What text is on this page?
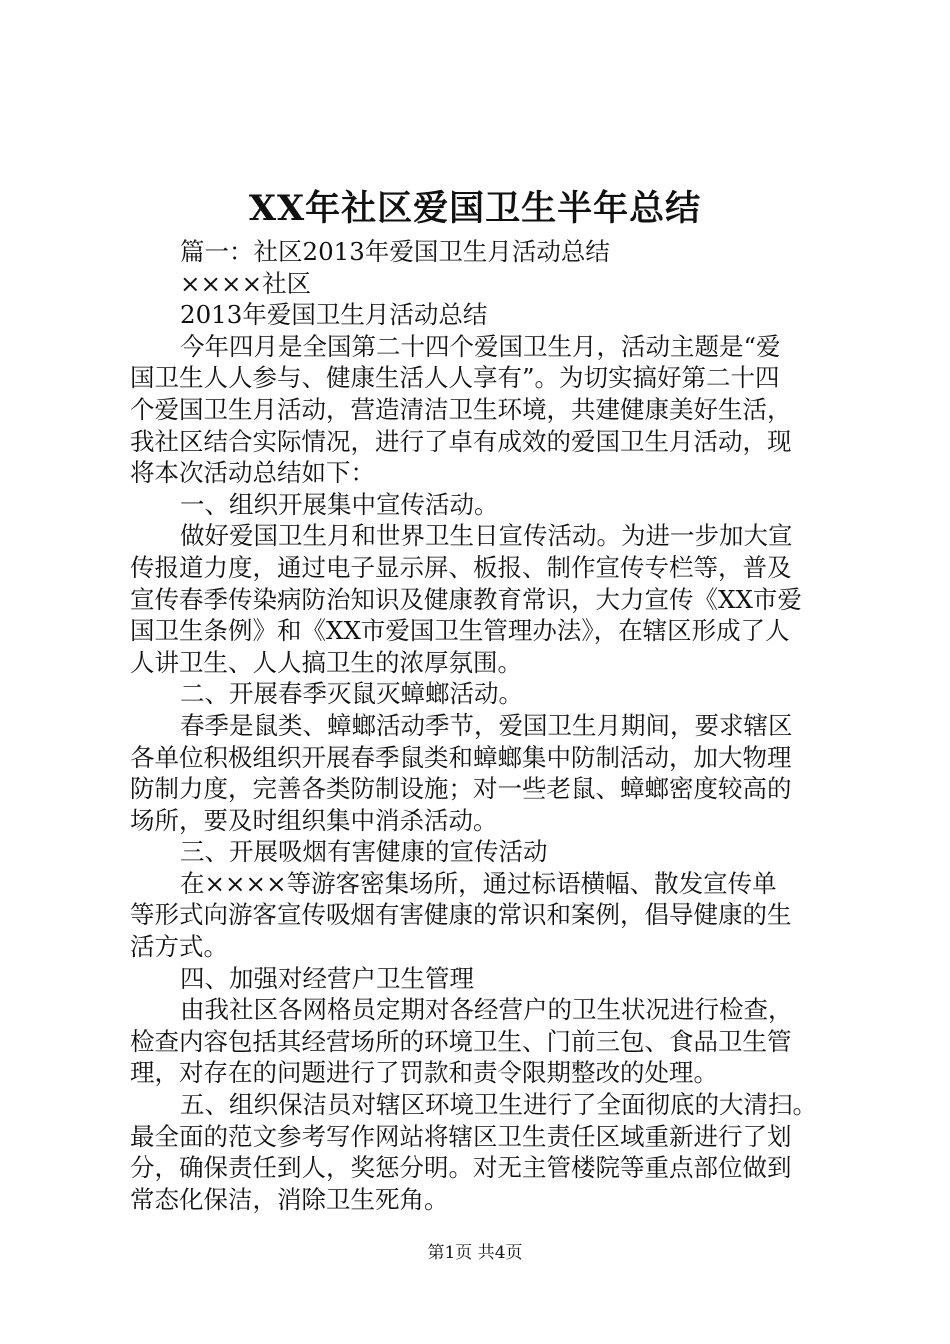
XX年社区爱国卫生半年总结
篇一：社区2013年爱国卫生月活动总结
××××社区
2013年爱国卫生月活动总结
今年四月是全国第二十四个爱国卫生月，活动主题是“爱
国卫生人人参与、健康生活人人享有”。为切实搞好第二十四
个爱国卫生月活动，营造清洁卫生环境，共建健康美好生活，
我社区结合实际情况，进行了卓有成效的爱国卫生月活动，现
将本次活动总结如下：
一、组织开展集中宣传活动。
做好爱国卫生月和世界卫生日宣传活动。为进一步加大宣
传报道力度，通过电子显示屏、板报、制作宣传专栏等，普及
宣传春季传染病防治知识及健康教育常识，大力宣传《XX市爱
国卫生条例》和《XX市爱国卫生管理办法》，在辖区形成了人
人讲卫生、人人搞卫生的浓厚氛围。
二、开展春季灭鼠灭蟑螂活动。
春季是鼠类、蟑螂活动季节，爱国卫生月期间，要求辖区
各单位积极组织开展春季鼠类和蟑螂集中防制活动，加大物理
防制力度，完善各类防制设施；对一些老鼠、蟑螂密度较高的
场所，要及时组织集中消杀活动。
三、开展吸烟有害健康的宣传活动
在××××等游客密集场所，通过标语横幅、散发宣传单
等形式向游客宣传吸烟有害健康的常识和案例，倡导健康的生
活方式。
四、加强对经营户卫生管理
由我社区各网格员定期对各经营户的卫生状况进行检查，
检查内容包括其经营场所的环境卫生、门前三包、食品卫生管
理，对存在的问题进行了罚款和责令限期整改的处理。
五、组织保洁员对辖区环境卫生进行了全面彻底的大清扫。
最全面的范文参考写作网站将辖区卫生责任区域重新进行了划
分，确保责任到人，奖惩分明。对无主管楼院等重点部位做到
常态化保洁，消除卫生死角。
第1页 共4页
